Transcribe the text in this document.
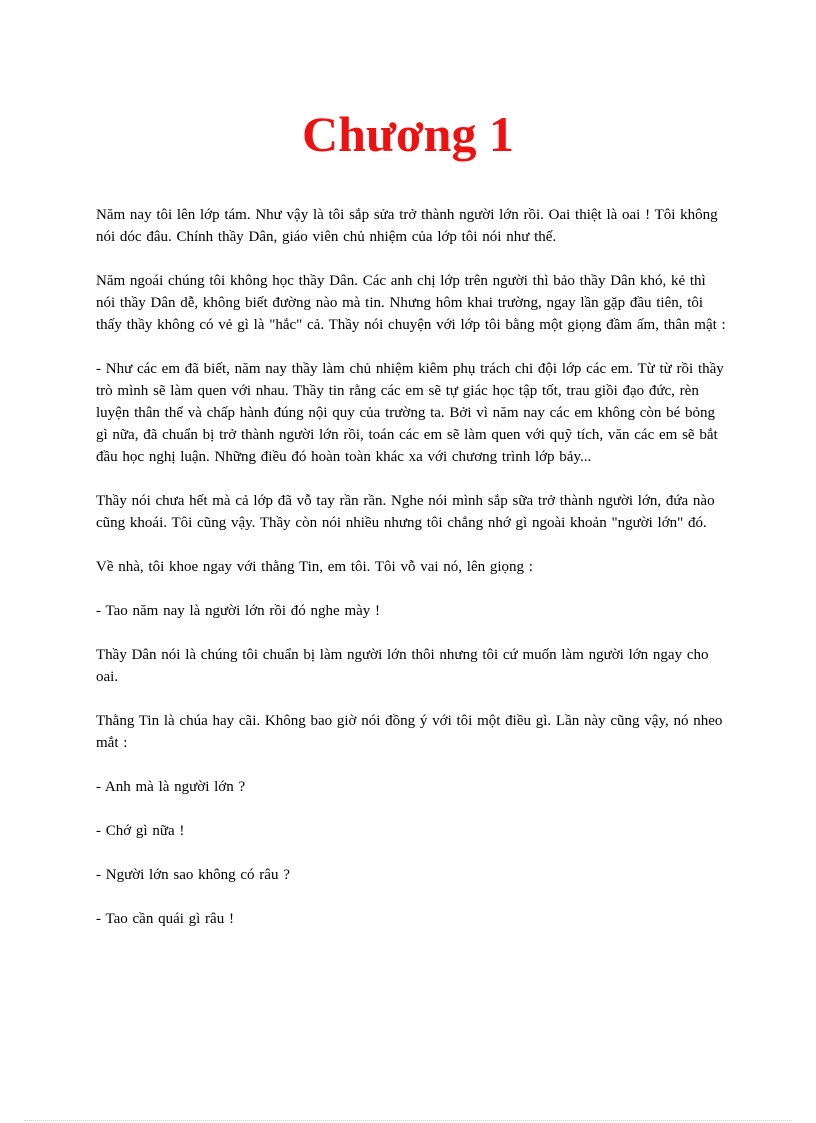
Chương 1

Năm nay tôi lên lớp tám. Như vậy là tôi sắp sửa trở thành người lớn rồi. Oai thiệt là oai ! Tôi không nói dóc đâu. Chính thầy Dân, giáo viên chủ nhiệm của lớp tôi nói như thế.

Năm ngoái chúng tôi không học thầy Dân. Các anh chị lớp trên người thì bảo thầy Dân khó, kẻ thì nói thầy Dân dễ, không biết đường nào mà tin. Nhưng hôm khai trường, ngay lần gặp đầu tiên, tôi thấy thầy không có vẻ gì là "hắc" cả. Thầy nói chuyện với lớp tôi bằng một giọng đầm ấm, thân mật :

- Như các em đã biết, năm nay thầy làm chủ nhiệm kiêm phụ trách chi đội lớp các em. Từ từ rồi thầy trò mình sẽ làm quen với nhau. Thầy tin rằng các em sẽ tự giác học tập tốt, trau giồi đạo đức, rèn luyện thân thể và chấp hành đúng nội quy của trường ta. Bởi vì năm nay các em không còn bé bỏng gì nữa, đã chuẩn bị trở thành người lớn rồi, toán các em sẽ làm quen với quỹ tích, văn các em sẽ bắt đầu học nghị luận. Những điều đó hoàn toàn khác xa với chương trình lớp bảy...

Thầy nói chưa hết mà cả lớp đã vỗ tay rần rần. Nghe nói mình sắp sữa trở thành người lớn, đứa nào cũng khoái. Tôi cũng vậy. Thầy còn nói nhiều nhưng tôi chẳng nhớ gì ngoài khoản "người lớn" đó.

Về nhà, tôi khoe ngay với thằng Tin, em tôi. Tôi vỗ vai nó, lên giọng :

- Tao năm nay là người lớn rồi đó nghe mày !

Thầy Dân nói là chúng tôi chuẩn bị làm người lớn thôi nhưng tôi cứ muốn làm người lớn ngay cho oai.

Thằng Tin là chúa hay cãi. Không bao giờ nói đồng ý với tôi một điều gì. Lần này cũng vậy, nó nheo mắt :

- Anh mà là người lớn ?

- Chớ gì nữa !

- Người lớn sao không có râu ?

- Tao cần quái gì râu !
